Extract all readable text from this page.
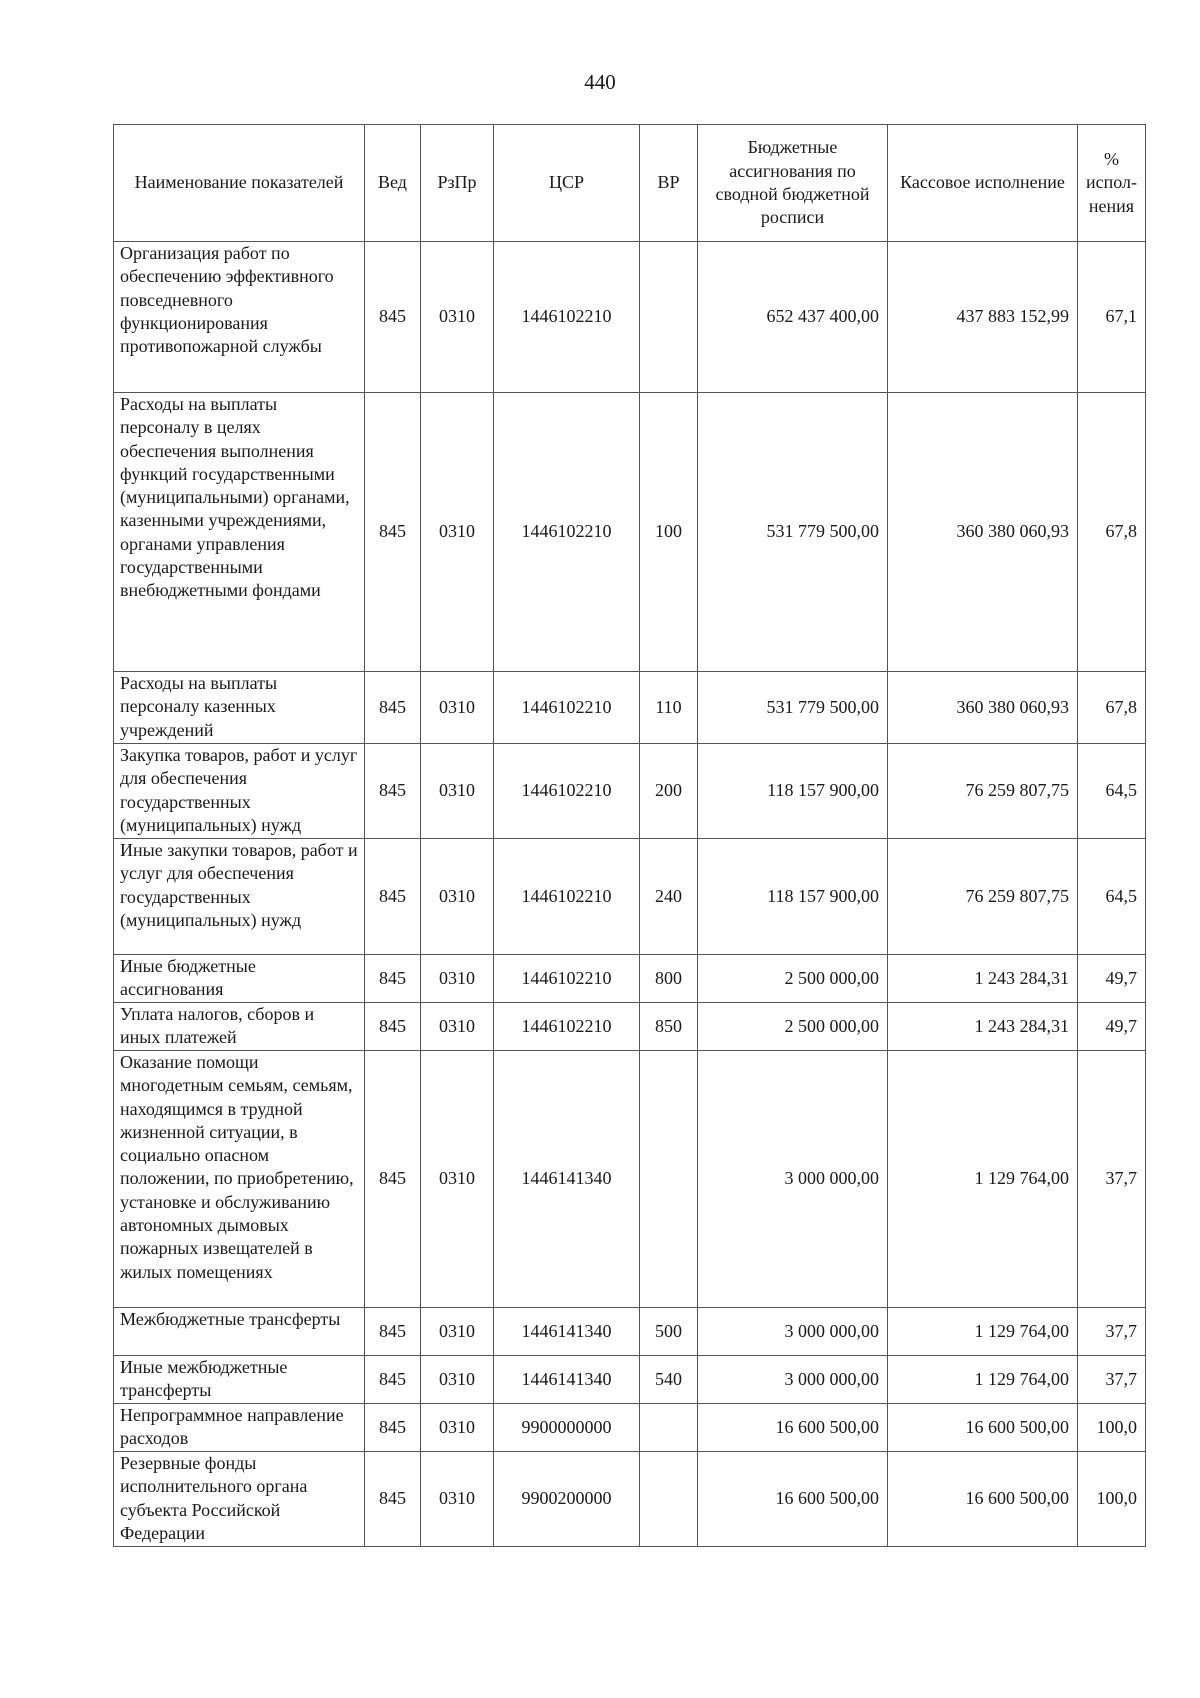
440
Наименование показателей	Вед	РзПр	ЦСР	ВР	Бюджетные ассигнования по сводной бюджетной росписи	Кассовое исполнение	% испол-нения
Организация работ по обеспечению эффективного повседневного функционирования противопожарной службы	845	0310	1446102210		652 437 400,00	437 883 152,99	67,1
Расходы на выплаты персоналу в целях обеспечения выполнения функций государственными (муниципальными) органами, казенными учреждениями, органами управления государственными внебюджетными фондами	845	0310	1446102210	100	531 779 500,00	360 380 060,93	67,8
Расходы на выплаты персоналу казенных учреждений	845	0310	1446102210	110	531 779 500,00	360 380 060,93	67,8
Закупка товаров, работ и услуг для обеспечения государственных (муниципальных) нужд	845	0310	1446102210	200	118 157 900,00	76 259 807,75	64,5
Иные закупки товаров, работ и услуг для обеспечения государственных (муниципальных) нужд	845	0310	1446102210	240	118 157 900,00	76 259 807,75	64,5
Иные бюджетные ассигнования	845	0310	1446102210	800	2 500 000,00	1 243 284,31	49,7
Уплата налогов, сборов и иных платежей	845	0310	1446102210	850	2 500 000,00	1 243 284,31	49,7
Оказание помощи многодетным семьям, семьям, находящимся в трудной жизненной ситуации, в социально опасном положении, по приобретению, установке и обслуживанию автономных дымовых пожарных извещателей в жилых помещениях	845	0310	1446141340		3 000 000,00	1 129 764,00	37,7
Межбюджетные трансферты	845	0310	1446141340	500	3 000 000,00	1 129 764,00	37,7
Иные межбюджетные трансферты	845	0310	1446141340	540	3 000 000,00	1 129 764,00	37,7
Непрограммное направление расходов	845	0310	9900000000		16 600 500,00	16 600 500,00	100,0
Резервные фонды исполнительного органа субъекта Российской Федерации	845	0310	9900200000		16 600 500,00	16 600 500,00	100,0
